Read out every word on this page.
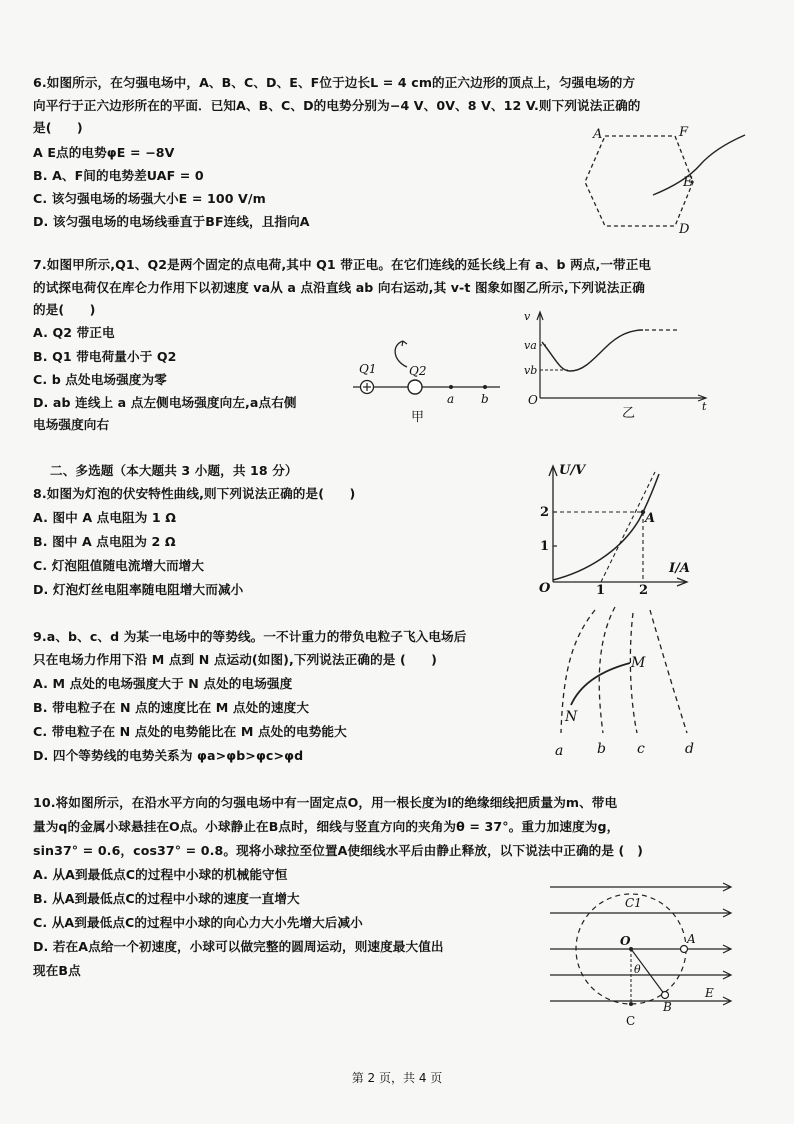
6.如图所示，在匀强电场中，A、B、C、D、E、F位于边长L = 4 cm的正六边形的顶点上，匀强电场的方
向平行于正六边形所在的平面．已知A、B、C、D的电势分别为−4 V、0V、8 V、12 V.则下列说法正确的
是(　　)
A E点的电势φE = −8V
B. A、F间的电势差UAF = 0
C. 该匀强电场的场强大小E = 100 V/m
D. 该匀强电场的电场线垂直于BF连线，且指向A
A	F
E
D
7.如图甲所示,Q1、Q2是两个固定的点电荷,其中 Q1 带正电。在它们连线的延长线上有 a、b 两点,一带正电
的试探电荷仅在库仑力作用下以初速度 va从 a 点沿直线 ab 向右运动,其 v-t 图象如图乙所示,下列说法正确
的是(　　)
A. Q2 带正电
B. Q1 带电荷量小于 Q2
C. b 点处电场强度为零
D. ab 连线上 a 点左侧电场强度向左,a点右侧
电场强度向右
Q1	Q2
a b
甲
v
va
vb
O	t
乙
二、多选题（本大题共 3 小题，共 18 分）
8.如图为灯泡的伏安特性曲线,则下列说法正确的是(　　)
A. 图中 A 点电阻为 1 Ω
B. 图中 A 点电阻为 2 Ω
C. 灯泡阻值随电流增大而增大
D. 灯泡灯丝电阻率随电阻增大而减小
U/V
I/A
O	1	2
1
2	A
9.a、b、c、d 为某一电场中的等势线。一不计重力的带负电粒子飞入电场后
只在电场力作用下沿 M 点到 N 点运动(如图),下列说法正确的是 (　　)
A. M 点处的电场强度大于 N 点处的电场强度
B. 带电粒子在 N 点的速度比在 M 点处的速度大
C. 带电粒子在 N 点处的电势能比在 M 点处的电势能大
D. 四个等势线的电势关系为 φa>φb>φc>φd
M
N
a b c	d
10.将如图所示，在沿水平方向的匀强电场中有一固定点O，用一根长度为l的绝缘细线把质量为m、带电
量为q的金属小球悬挂在O点。小球静止在B点时，细线与竖直方向的夹角为θ = 37°。重力加速度为g，
sin37° = 0.6，cos37° = 0.8。现将小球拉至位置A使细线水平后由静止释放，以下说法中正确的是 (　)
A. 从A到最低点C的过程中小球的机械能守恒
B. 从A到最低点C的过程中小球的速度一直增大
C. 从A到最低点C的过程中小球的向心力大小先增大后减小
D. 若在A点给一个初速度，小球可以做完整的圆周运动，则速度最大值出
现在B点
C1
O	A
θ
B
E
C
第 2 页，共 4 页
